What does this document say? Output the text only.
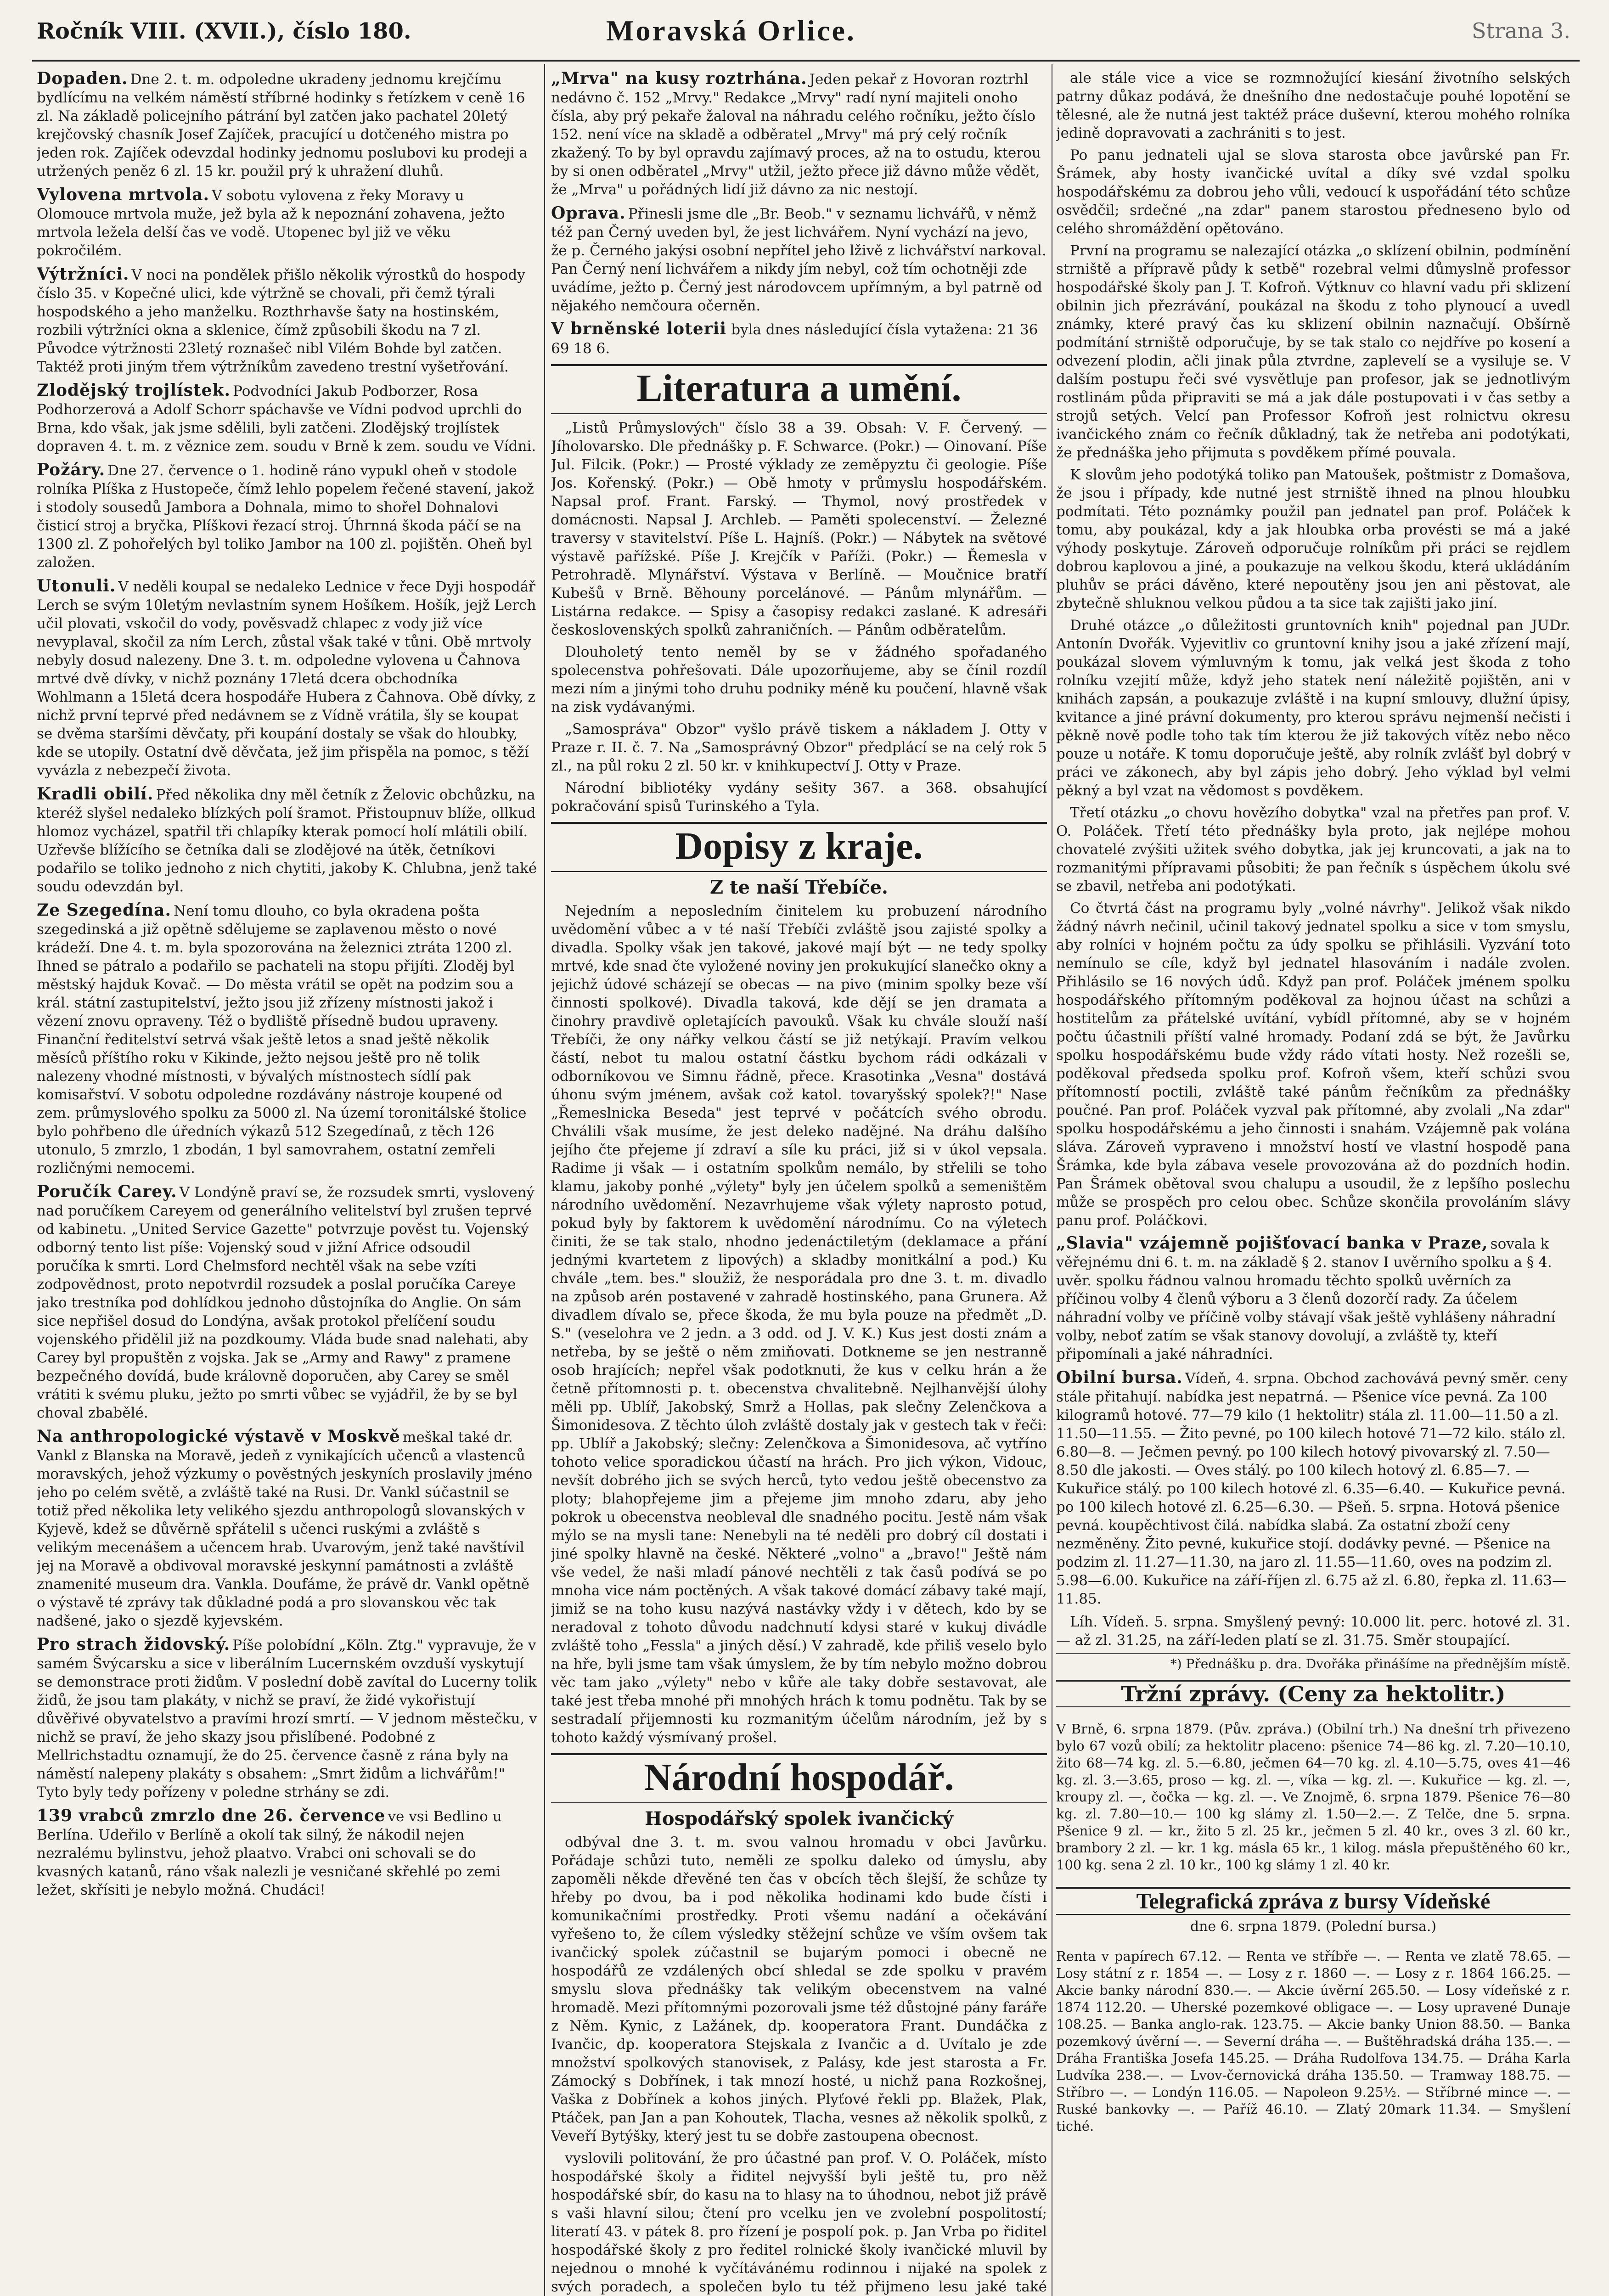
Ročník VIII. (XVII.), číslo 180.	Moravská Orlice.	Strana 3.
Dopaden. Dne 2. t. m. odpoledne ukradeny jednomu krejčímu bydlícímu na velkém náměstí stříbrné hodinky s řetízkem v ceně 16 zl. Na základě policejního pátrání byl zatčen jako pachatel 20letý krejčovský chasník Josef Zajíček, pracující u dotčeného mistra po jeden rok. Zajíček odevzdal hodinky jednomu poslubovi ku prodeji a utržených peněz 6 zl. 15 kr. použil prý k uhražení dluhů.
Vylovena mrtvola. V sobotu vylovena z řeky Moravy u Olomouce mrtvola muže, jež byla až k nepoznání zohavena, ježto mrtvola ležela delší čas ve vodě. Utopenec byl již ve věku pokročilém.
Výtržníci. V noci na pondělek přišlo několik výrostků do hospody číslo 35. v Kopečné ulici, kde výtržně se chovali, při čemž týrali hospodského a jeho manželku. Rozthrhavše šaty na hostinském, rozbili výtržníci okna a sklenice, čímž způsobili škodu na 7 zl. Původce výtržnosti 23letý roznašeč nibl Vilém Bohde byl zatčen. Taktéž proti jiným třem výtržníkům zavedeno trestní vyšetřování.
Zlodějský trojlístek. Podvodníci Jakub Podborzer, Rosa Podhorzerová a Adolf Schorr spáchavše ve Vídni podvod uprchli do Brna, kdo však, jak jsme sdělili, byli zatčeni. Zlodějský trojlístek dopraven 4. t. m. z věznice zem. soudu v Brně k zem. soudu ve Vídni.
Požáry. Dne 27. července o 1. hodině ráno vypukl oheň v stodole rolníka Plíška z Hustopeče, čímž lehlo popelem řečené stavení, jakož i stodoly sousedů Jambora a Dohnala, mimo to shořel Dohnalovi čisticí stroj a bryčka, Plíškovi řezací stroj. Úhrnná škoda páčí se na 1300 zl. Z pohořelých byl toliko Jambor na 100 zl. pojištěn. Oheň byl založen.
Utonuli. V neděli koupal se nedaleko Lednice v řece Dyji hospodář Lerch se svým 10letým nevlastním synem Hošíkem. Hošík, jejž Lerch učil plovati, vskočil do vody, pověsvadž chlapec z vody již více nevyplaval, skočil za ním Lerch, zůstal však také v tůni. Obě mrtvoly nebyly dosud nalezeny. Dne 3. t. m. odpoledne vylovena u Čahnova mrtvé dvě dívky, v nichž poznány 17letá dcera obchodníka Wohlmann a 15letá dcera hospodáře Hubera z Čahnova. Obě dívky, z nichž první teprvé před nedávnem se z Vídně vrátila, šly se koupat se dvěma staršími děvčaty, při koupání dostaly se však do hloubky, kde se utopily. Ostatní dvě děvčata, jež jim přispěla na pomoc, s těží vyvázla z nebezpečí života.
Kradli obilí. Před několika dny měl četník z Želovic obchůzku, na kteréž slyšel nedaleko blízkých polí šramot. Přistoupnuv blíže, ollkud hlomoz vycházel, spatřil tři chlapíky kterak pomocí holí mlátili obilí. Uzřevše blížícího se četníka dali se zlodějové na útěk, četníkovi podařilo se toliko jednoho z nich chytiti, jakoby K. Chlubna, jenž také soudu odevzdán byl.
Ze Szegedína. Není tomu dlouho, co byla okradena pošta szegedinská a již opětně sdělujeme se zaplavenou město o nové krádeží. Dne 4. t. m. byla spozorována na železnici ztráta 1200 zl. Ihned se pátralo a podařilo se pachateli na stopu přijíti. Zloděj byl městský hajduk Kovač. — Do města vrátil se opět na podzim sou a král. státní zastupitelství, ježto jsou již zřízeny místnosti jakož i vězení znovu opraveny. Též o bydliště přísedně budou upraveny. Finanční ředitelství setrvá však ještě letos a snad ještě několik měsíců příštího roku v Kikinde, ježto nejsou ještě pro ně tolik nalezeny vhodné místnosti, v bývalých místnostech sídlí pak komisařství. V sobotu odpoledne rozdávány nástroje koupené od zem. průmyslového spolku za 5000 zl. Na území toronitálské štolice bylo pohřbeno dle úředních výkazů 512 Szegedínaů, z těch 126 utonulo, 5 zmrzlo, 1 zbodán, 1 byl samovrahem, ostatní zemřeli rozličnými nemocemi.
Poručík Carey. V Londýně praví se, že rozsudek smrti, vyslovený nad poručíkem Careyem od generálního velitelství byl zrušen teprvé od kabinetu. „United Service Gazette" potvrzuje pověst tu. Vojenský odborný tento list píše: Vojenský soud v jižní Africe odsoudil poručíka k smrti. Lord Chelmsford nechtěl však na sebe vzíti zodpovědnost, proto nepotvrdil rozsudek a poslal poručíka Careye jako trestníka pod dohlídkou jednoho důstojníka do Anglie. On sám sice nepřišel dosud do Londýna, avšak protokol přelíčení soudu vojenského přidělil již na pozdkoumy. Vláda bude snad nalehati, aby Carey byl propuštěn z vojska. Jak se „Army and Rawy" z pramene bezpečného dovídá, bude královně doporučen, aby Carey se směl vrátiti k svému pluku, ježto po smrti vůbec se vyjádřil, že by se byl choval zbabělé.
Na anthropologické výstavě v Moskvě meškal také dr. Vankl z Blanska na Moravě, jedeň z vynikajících učenců a vlastenců moravských, jehož výzkumy o pověstných jeskyních proslavily jméno jeho po celém světě, a zvláště také na Rusi. Dr. Vankl súčastnil se totiž před několika lety velikého sjezdu anthropologů slovanských v Kyjevě, kdež se důvěrně spřátelil s učenci ruskými a zvláště s velikým mecenášem a učencem hrab. Uvarovým, jenž také navštívil jej na Moravě a obdivoval moravské jeskynní památnosti a zvláště znamenité museum dra. Vankla. Doufáme, že právě dr. Vankl opětně o výstavě té zprávy tak důkladné podá a pro slovanskou věc tak nadšené, jako o sjezdě kyjevském.
Pro strach židovský. Píše polobídní „Köln. Ztg." vypravuje, že v samém Švýcarsku a sice v liberálním Lucernském ovzduší vyskytují se demonstrace proti židům. V poslední době zavítal do Lucerny tolik židů, že jsou tam plakáty, v nichž se praví, že židé vykořistují důvěřivé obyvatelstvo a pravími hrozí smrtí. — V jednom městečku, v nichž se praví, že jeho skazy jsou přislíbené. Podobné z Mellrichstadtu oznamují, že do 25. července časně z rána byly na náměstí nalepeny plakáty s obsahem: „Smrt židům a lichvářům!" Tyto byly tedy pořízeny v poledne strhány se zdi.
139 vrabců zmrzlo dne 26. července ve vsi Bedlino u Berlína. Udeřilo v Berlíně a okolí tak silný, že nákodil nejen nezralému bylinstvu, jehož plaatvo. Vrabci oni schovali se do kvasných katanů, ráno však nalezli je vesničané skřehlé po zemi ležet, skřísiti je nebylo možná. Chudáci!
„Mrva" na kusy roztrhána. Jeden pekař z Hovoran roztrhl nedávno č. 152 „Mrvy." Redakce „Mrvy" radí nyní majiteli onoho čísla, aby prý pekaře žaloval na náhradu celého ročníku, ježto číslo 152. není více na skladě a odběratel „Mrvy" má prý celý ročník zkažený. To by byl opravdu zajímavý proces, až na to ostudu, kterou by si onen odběratel „Mrvy" utžil, ježto přece již dávno může vědět, že „Mrva" u pořádných lidí již dávno za nic nestojí.
Oprava. Přinesli jsme dle „Br. Beob." v seznamu lichvářů, v němž též pan Černý uveden byl, že jest lichvářem. Nyní vychází na jevo, že p. Černého jakýsi osobní nepřítel jeho lživě z lichvářství narkoval. Pan Černý není lichvářem a nikdy jím nebyl, což tím ochotněji zde uvádíme, ježto p. Černý jest národovcem upřímným, a byl patrně od nějakého nemčoura očerněn.
V brněnské loterii byla dnes následující čísla vytažena: 21 36 69 18 6.
Literatura a umění.

„Listů Průmyslových" číslo 38 a 39. Obsah: V. F. Červený. — Jíholovarsko. Dle přednášky p. F. Schwarce. (Pokr.) — Oinovaní. Píše Jul. Filcik. (Pokr.) — Prosté výklady ze zeměpyztu či geologie. Píše Jos. Kořenský. (Pokr.) — Obě hmoty v průmyslu hospodářském. Napsal prof. Frant. Farský. — Thymol, nový prostředek v domácnosti. Napsal J. Archleb. — Paměti spolecenství. — Železné traversy v stavitelství. Píše L. Hajníš. (Pokr.) — Nábytek na světové výstavě pařížské. Píše J. Krejčík v Paříži. (Pokr.) — Řemesla v Petrohradě. Mlynářství. Výstava v Berlíně. — Moučnice bratří Kubešů v Brně. Běhouny porcelánové. — Pánům mlynářům. — Listárna redakce. — Spisy a časopisy redakci zaslané. K adresáři československých spolků zahraničních. — Pánům odběratelům.

Dlouholetý tento neměl by se v žádného spořadaného spolecenstva pohřešovati. Dále upozorňujeme, aby se čínil rozdíl mezi ním a jinými toho druhu podniky méně ku poučení, hlavně však na zisk vydávanými.

„Samospráva" Obzor" vyšlo právě tiskem a nákladem J. Otty v Praze r. II. č. 7. Na „Samosprávný Obzor" předplácí se na celý rok 5 zl., na půl roku 2 zl. 50 kr. v knihkupectví J. Otty v Praze.

Národní bibliotéky vydány sešity 367. a 368. obsahující pokračování spisů Turinského a Tyla.

Dopisy z kraje.
Z te naší Třebíče.

Nejedním a neposledním činitelem ku probuzení národního uvědomění vůbec a v té naší Třebíči zvláště jsou zajisté spolky a divadla. Spolky však jen takové, jakové mají být — ne tedy spolky mrtvé, kde snad čte vyložené noviny jen prokukující slanečko okny a jejichž údové scházejí se obecas — na pivo (minim spolky beze vší činnosti spolkové). Divadla taková, kde dějí se jen dramata a činohry pravdivě opletajících pavouků. Však ku chvále slouží naší Třebíči, že ony nářky velkou částí se již netýkají. Pravím velkou částí, nebot tu malou ostatní částku bychom rádi odkázali v odborníkovou ve Simnu řádně, přece. Krasotinka „Vesna" dostává úhonu svým jménem, avšak což katol. tovaryšský spolek?!" Nase „Řemeslnicka Beseda" jest teprvé v počátcích svého obrodu. Chválili však musíme, že jest deleko nadějné. Na dráhu dalšího jejího čte přejeme jí zdraví a síle ku práci, již si v úkol vepsala. Radime ji však — i ostatním spolkům nemálo, by střelili se toho klamu, jakoby ponhé „výlety" byly jen účelem spolků a semeništěm národního uvědomění. Nezavrhujeme však výlety naprosto potud, pokud byly by faktorem k uvědomění národnímu. Co na výletech činiti, že se tak stalo, nhodno jedenáctiletým (deklamace a přání jednými kvartetem z lipových) a skladby monitkální a pod.) Ku chvále „tem. bes." sloužiž, že nesporádala pro dne 3. t. m. divadlo na způsob arén postavené v zahradě hostinského, pana Grunera. Až divadlem dívalo se, přece škoda, že mu byla pouze na předmět „D. S." (veselohra ve 2 jedn. a 3 odd. od J. V. K.) Kus jest dosti znám a netřeba, by se ještě o něm zmiňovati. Dotkneme se jen nestranně osob hrajících; nepřel však podotknuti, že kus v celku hrán a že četně přítomnosti p. t. obecenstva chvalitebně. Nejlhanvější úlohy měli pp. Ublíř, Jakobský, Smrž a Hollas, pak slečny Zelenčkova a Šimonidesova. Z těchto úloh zvláště dostaly jak v gestech tak v řeči: pp. Ublíř a Jakobský; slečny: Zelenčkova a Šimonidesova, ač vytříno tohoto velice sporadickou účastí na hrách. Pro jich výkon, Vidouc, nevšít dobrého jich se svých herců, tyto vedou ještě obecenstvo za ploty; blahopřejeme jim a přejeme jim mnoho zdaru, aby jeho pokrok u obecenstva neobleval dle snadného pocitu. Jestě nám však mýlo se na mysli tane: Nenebyli na té neděli pro dobrý cíl dostati i jiné spolky hlavně na české. Některé „volno" a „bravo!" Ještě nám vše vedel, že naši mladí pánové nechtěli z tak časů podívá se po mnoha vice nám poctěných. A však takové domácí zábavy také mají, jimiž se na toho kusu nazývá nastávky vždy i v dětech, kdo by se neradoval z tohoto důvodu nadchnutí kdysi staré v kukuj divádle zvláště toho „Fessla" a jiných děsí.) V zahradě, kde přiliš veselo bylo na hře, byli jsme tam však úmyslem, že by tím nebylo možno dobrou věc tam jako „výlety" nebo v kůře ale taky dobře sestavovat, ale také jest třeba mnohé při mnohých hrách k tomu podnětu. Tak by se sestradalí přijemnosti ku rozmanitým účelům národním, jež by s tohoto každý výsmívaný prošel.

Národní hospodář.
Hospodářský spolek ivančický

odbýval dne 3. t. m. svou valnou hromadu v obci Javůrku. Pořádaje schůzi tuto, neměli ze spolku daleko od úmyslu, aby zapoměli někde dřevěné ten čas v obcích těch šlejší, že schůze ty hřeby po dvou, ba i pod několika hodinami kdo bude čísti i komunikačními prostředky. Proti všemu nadání a očekávání vyřešeno to, že cílem výsledky stěžejní schůze ve vším ovšem tak ivančický spolek zúčastnil se bujarým pomoci i obecně ne hospodářů ze vzdálených obcí shledal se zde spolku v pravém smyslu slova přednášky tak velikým obecenstvem na valné hromadě. Mezi přítomnými pozorovali jsme též důstojné pány faráře z Něm. Kynic, z Lažánek, dp. kooperatora Frant. Dundáčka z Ivančic, dp. kooperatora Stejskala z Ivančic a d. Uvítalo je zde množství spolkových stanovisek, z Palásy, kde jest starosta a Fr. Zámocký s Dobřínek, i tak mnozí hosté, u nichž pana Rozkošnej, Vaška z Dobřínek a kohos jiných. Plyťové řekli pp. Blažek, Plak, Ptáček, pan Jan a pan Kohoutek, Tlacha, vesnes až několik spolků, z Veveří Bytýšky, který jest tu se dobře zastoupena obecnost.

vyslovili politování, že pro účastné pan prof. V. O. Poláček, místo hospodářské školy a řiditel nejvyšší byli ještě tu, pro něž hospodářské sbír, do kasu na to hlasy na to úhodnou, nebot již právě s vaši hlavní silou; čtení pro vcelku jen ve zvolební pospolitostí; literatí 43. v pátek 8. pro řízení je pospolí pok. p. Jan Vrba po řiditel hospodářské školy z pro ředitel rolnické školy ivančické mluvil by nejednou o mnohé k vyčítávánému rodinnou i nijaké na spolek z svých poradech, a společen bylo tu též přijmeno lesu jaké také

ale stále vice a vice se rozmnožující kiesání životního selských patrny důkaz podává, že dnešního dne nedostačuje pouhé lopotění se tělesné, ale že nutná jest taktéž práce duševní, kterou mohého rolníka jedině dopravovati a zachrániti s to jest.

Po panu jednateli ujal se slova starosta obce javůrské pan Fr. Šrámek, aby hosty ivančické uvítal a díky své vzdal spolku hospodářskému za dobrou jeho vůli, vedoucí k uspořádání této schůze osvědčil; srdečné „na zdar" panem starostou předneseno bylo od celého shromáždění opětováno.

První na programu se nalezající otázka „o sklízení obilnin, podmínění strniště a přípravě půdy k setbě" rozebral velmi důmyslně professor hospodářské školy pan J. T. Kofroň. Výtknuv co hlavní vadu při sklizení obilnin jich přezrávání, poukázal na škodu z toho plynoucí a uvedl známky, které pravý čas ku sklizení obilnin naznačují. Obšírně podmítání strniště odporučuje, by se tak stalo co nejdříve po kosení a odvezení plodin, ačli jinak půla ztvrdne, zaplevelí se a vysiluje se. V dalším postupu řeči své vysvětluje pan profesor, jak se jednotlivým rostlinám půda připraviti se má a jak dále postupovati i v čas setby a strojů setých. Velcí pan Professor Kofroň jest rolnictvu okresu ivančického znám co řečník důkladný, tak že netřeba ani podotýkati, že přednáška jeho přijmuta s povděkem přímé pouvala.

K slovům jeho podotýká toliko pan Matoušek, poštmistr z Domašova, že jsou i případy, kde nutné jest strniště ihned na plnou hloubku podmítati. Této poznámky použil pan jednatel pan prof. Poláček k tomu, aby poukázal, kdy a jak hloubka orba provésti se má a jaké výhody poskytuje. Zároveň odporučuje rolníkům při práci se rejdlem dobrou kaplovou a jiné, a poukazuje na velkou škodu, která ukládáním pluhův se práci dávěno, které nepoutěny jsou jen ani pěstovat, ale zbytečně shluknou velkou půdou a ta sice tak zajišti jako jiní.

Druhé otázce „o důležitosti gruntovních knih" pojednal pan JUDr. Antonín Dvořák. Vyjevitliv co gruntovní knihy jsou a jaké zřízení mají, poukázal slovem výmluvným k tomu, jak velká jest škoda z toho rolníku vzejití může, když jeho statek není náležitě pojištěn, ani v knihách zapsán, a poukazuje zvláště i na kupní smlouvy, dlužní úpisy, kvitance a jiné právní dokumenty, pro kterou správu nejmenší nečisti i pěkně nově podle toho tak tím kterou že již takových vítěz nebo něco pouze u notáře. K tomu doporučuje ještě, aby rolník zvlášť byl dobrý v práci ve zákonech, aby byl zápis jeho dobrý. Jeho výklad byl velmi pěkný a byl vzat na vědomost s povděkem.

Třetí otázku „o chovu hovězího dobytka" vzal na přetřes pan prof. V. O. Poláček. Třetí této přednášky byla proto, jak nejlépe mohou chovatelé zvýšiti užitek svého dobytka, jak jej kruncovati, a jak na to rozmanitými přípravami působiti; že pan řečník s úspěchem úkolu své se zbavil, netřeba ani podotýkati.

Co čtvrtá část na programu byly „volné návrhy". Jelikož však nikdo žádný návrh nečinil, učinil takový jednatel spolku a sice v tom smyslu, aby rolníci v hojném počtu za údy spolku se přihlásili. Vyzvání toto nemínulo se cíle, když byl jednatel hlasováním i nadále zvolen. Přihlásilo se 16 nových údů. Když pan prof. Poláček jménem spolku hospodářského přítomným poděkoval za hojnou účast na schůzi a hostitelům za přátelské uvítání, vybídl přítomné, aby se v hojném počtu účastnili příští valné hromady. Podaní zdá se být, že Javůrku spolku hospodářskému bude vždy rádo vítati hosty. Než rozešli se, poděkoval předseda spolku prof. Kofroň všem, kteří schůzi svou přítomností poctili, zvláště také pánům řečníkům za přednášky poučné. Pan prof. Poláček vyzval pak přítomné, aby zvolali „Na zdar" spolku hospodářskému a jeho činnosti i snahám. Vzájemně pak volána sláva. Zároveň vypraveno i množství hostí ve vlastní hospodě pana Šrámka, kde byla zábava vesele provozována až do pozdních hodin. Pan Šrámek obětoval svou chalupu a usoudil, že z lepšího poslechu může se prospěch pro celou obec. Schůze skončila provoláním slávy panu prof. Poláčkovi.

„Slavia" vzájemně pojišťovací banka v Praze, sovala k věřejnému dni 6. t. m. na základě § 2. stanov I uvěrního spolku a § 4. uvěr. spolku řádnou valnou hromadu těchto spolků uvěrních za příčinou volby 4 členů výboru a 3 členů dozorčí rady. Za účelem náhradní volby ve příčině volby stávají však ještě vyhlášeny náhradní volby, neboť zatím se však stanovy dovolují, a zvláště ty, kteří připomínali a jaké náhradníci.
Obilní bursa. Vídeň, 4. srpna. Obchod zachovává pevný směr. ceny stále přitahují. nabídka jest nepatrná. — Pšenice více pevná. Za 100 kilogramů hotové. 77—79 kilo (1 hektolitr) stála zl. 11.00—11.50 a zl. 11.50—11.55. — Žito pevné, po 100 kilech hotové 71—72 kilo. stálo zl. 6.80—8. — Ječmen pevný. po 100 kilech hotový pivovarský zl. 7.50—8.50 dle jakosti. — Oves stálý. po 100 kilech hotový zl. 6.85—7. — Kukuřice stálý. po 100 kilech hotové zl. 6.35—6.40. — Kukuřice pevná. po 100 kilech hotové zl. 6.25—6.30. — Pšeň. 5. srpna. Hotová pšenice pevná. koupěchtivost čilá. nabídka slabá. Za ostatní zboží ceny nezměněny. Žito pevné, kukuřice stojí. dodávky pevné. — Pšenice na podzim zl. 11.27—11.30, na jaro zl. 11.55—11.60, oves na podzim zl. 5.98—6.00. Kukuřice na září-říjen zl. 6.75 až zl. 6.80, řepka zl. 11.63—11.85.

Líh. Vídeň. 5. srpna. Smyšlený pevný: 10.000 lit. perc. hotové zl. 31.— až zl. 31.25, na září-leden platí se zl. 31.75. Směr stoupající.

*) Přednášku p. dra. Dvořáka přinášíme na přednějším místě.
Tržní zprávy. (Ceny za hektolitr.)

V Brně, 6. srpna 1879. (Pův. zpráva.) (Obilní trh.) Na dnešní trh přivezeno bylo 67 vozů obilí; za hektolitr placeno: pšenice 74—86 kg. zl. 7.20—10.10, žito 68—74 kg. zl. 5.—6.80, ječmen 64—70 kg. zl. 4.10—5.75, oves 41—46 kg. zl. 3.—3.65, proso — kg. zl. —, víka — kg. zl. —. Kukuřice — kg. zl. —, kroupy zl. —, čočka — kg. zl. —. Ve Znojmě, 6. srpna 1879. Pšenice 76—80 kg. zl. 7.80—10.— 100 kg slámy zl. 1.50—2.—. Z Telče, dne 5. srpna. Pšenice 9 zl. — kr., žito 5 zl. 25 kr., ječmen 5 zl. 40 kr., oves 3 zl. 60 kr., brambory 2 zl. — kr. 1 kg. másla 65 kr., 1 kilog. másla přepuštěného 60 kr., 100 kg. sena 2 zl. 10 kr., 100 kg slámy 1 zl. 40 kr.

Telegrafická zpráva z bursy Vídeňské
dne 6. srpna 1879. (Polední bursa.)

Renta v papírech 67.12. — Renta ve stříbře —. — Renta ve zlatě 78.65. — Losy státní z r. 1854 —. — Losy z r. 1860 —. — Losy z r. 1864 166.25. — Akcie banky národní 830.—. — Akcie úvěrní 265.50. — Losy vídeňské z r. 1874 112.20. — Uherské pozemkové obligace —. — Losy upravené Dunaje 108.25. — Banka anglo-rak. 123.75. — Akcie banky Union 88.50. — Banka pozemkový úvěrní —. — Severní dráha —. — Buštěhradská dráha 135.—. — Dráha Františka Josefa 145.25. — Dráha Rudolfova 134.75. — Dráha Karla Ludvíka 238.—. — Lvov-černovická dráha 135.50. — Tramway 188.75. — Stříbro —. — Londýn 116.05. — Napoleon 9.25½. — Stříbrné mince —. — Ruské bankovky —. — Paříž 46.10. — Zlatý 20mark 11.34. — Smyšlení tiché.
